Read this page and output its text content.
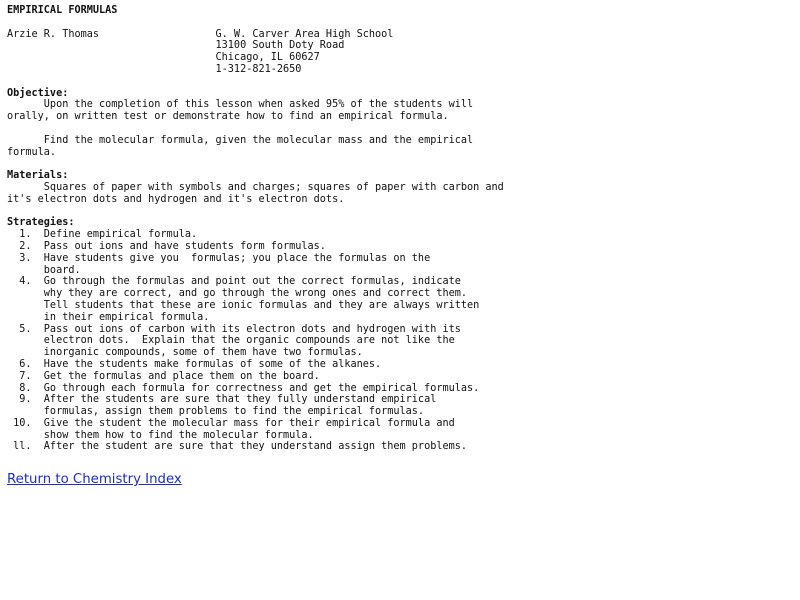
EMPIRICAL FORMULAS

Arzie R. Thomas                   G. W. Carver Area High School
13100 South Doty Road
Chicago, IL 60627
1-312-821-2650

Objective:
Upon the completion of this lesson when asked 95% of the students will
orally, on written test or demonstrate how to find an empirical formula.

Find the molecular formula, given the molecular mass and the empirical
formula.

Materials:
Squares of paper with symbols and charges; squares of paper with carbon and
it's electron dots and hydrogen and it's electron dots.

Strategies:
1.  Define empirical formula.
2.  Pass out ions and have students form formulas.
3.  Have students give you  formulas; you place the formulas on the
board.
4.  Go through the formulas and point out the correct formulas, indicate
why they are correct, and go through the wrong ones and correct them.
Tell students that these are ionic formulas and they are always written
in their empirical formula.
5.  Pass out ions of carbon with its electron dots and hydrogen with its
electron dots.  Explain that the organic compounds are not like the
inorganic compounds, some of them have two formulas.
6.  Have the students make formulas of some of the alkanes.
7.  Get the formulas and place them on the board.
8.  Go through each formula for correctness and get the empirical formulas.
9.  After the students are sure that they fully understand empirical
formulas, assign them problems to find the empirical formulas.
10.  Give the student the molecular mass for their empirical formula and
show them how to find the molecular formula.
ll.  After the student are sure that they understand assign them problems.
Return to Chemistry Index
